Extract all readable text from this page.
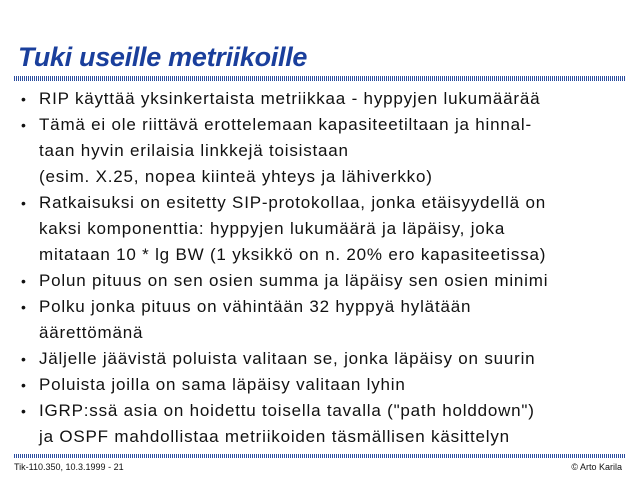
Tuki useille metriikoille
• RIP käyttää yksinkertaista metriikkaa - hyppyjen lukumäärää
• Tämä ei ole riittävä erottelemaan kapasiteetiltaan ja hinnal-
taan hyvin erilaisia linkkejä toisistaan
(esim. X.25, nopea kiinteä yhteys ja lähiverkko)
• Ratkaisuksi on esitetty SIP-protokollaa, jonka etäisyydellä on
kaksi komponenttia: hyppyjen lukumäärä ja läpäisy, joka
mitataan 10 * lg BW (1 yksikkö on n. 20% ero kapasiteetissa)
• Polun pituus on sen osien summa ja läpäisy sen osien minimi
• Polku jonka pituus on vähintään 32 hyppyä hylätään
äärettömänä
• Jäljelle jäävistä poluista valitaan se, jonka läpäisy on suurin
• Poluista joilla on sama läpäisy valitaan lyhin
• IGRP:ssä asia on hoidettu toisella tavalla ("path holddown")
ja OSPF mahdollistaa metriikoiden täsmällisen käsittelyn
Tik-110.350, 10.3.1999 - 21	© Arto Karila
